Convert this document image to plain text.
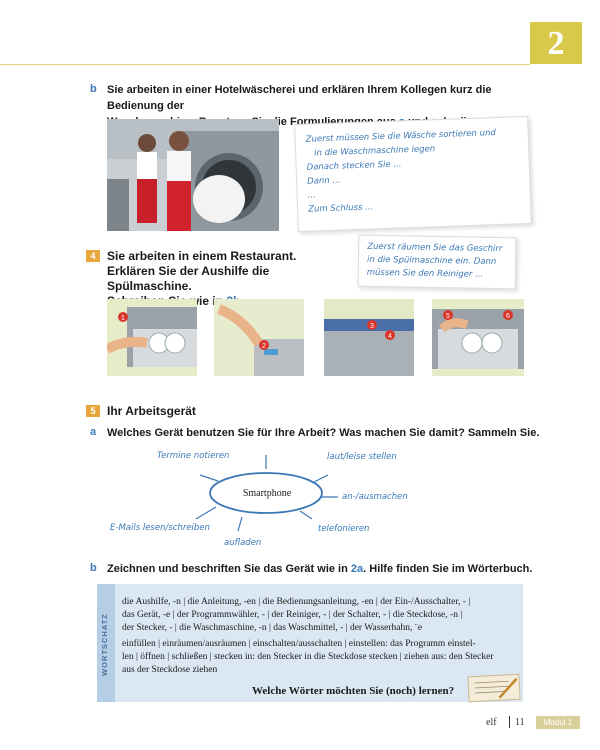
2
b Sie arbeiten in einer Hotelwäscherei und erklären Ihrem Kollegen kurz die Bedienung der
Zuerst müssen Sie die Wäsche sortieren und
in die Waschmaschine legen
Danach stecken Sie ...
Dann ...
...
Zum Schluss ...
4 Sie arbeiten in einem Restaurant.
Erklären Sie der Aushilfe die Spülmaschine.
wie
Zuerst räumen Sie das Geschirr
in die Spülmaschine ein. Dann
müssen Sie den Reiniger ...
1
2
3
4
5	6
5 Ihr Arbeitsgerät
a Welches Gerät benutzen Sie für Ihre Arbeit? Was machen Sie damit? Sammeln Sie.
Smartphone
Termine notieren	laut/leise stellen
an-/ausmachen
telefonieren
aufladen
E-Mails lesen/schreiben
b Zeichnen und beschriften Sie das Gerät wie in 2a. Hilfe finden Sie im Wörterbuch.
WORTSCHATZ
die Aushilfe, -n | die Anleitung, -en | die Bedienungsanleitung, -en | der Ein-/Ausschalter, - |
das Gerät, -e | der Programmwähler, - | der Reiniger, - | der Schalter, - | die Steckdose, -n |
der Stecker, - | die Waschmaschine, -n | das Waschmittel, - | der Wasserhahn, ¨e
einfüllen | einräumen/ausräumen | einschalten/ausschalten | einstellen: das Programm einstel-
len | öffnen | schließen | stecken in: den Stecker in die Steckdose stecken | ziehen aus: den Stecker
aus der Steckdose ziehen
Welche Wörter möchten Sie (noch) lernen?
elf 11	Modul 1
